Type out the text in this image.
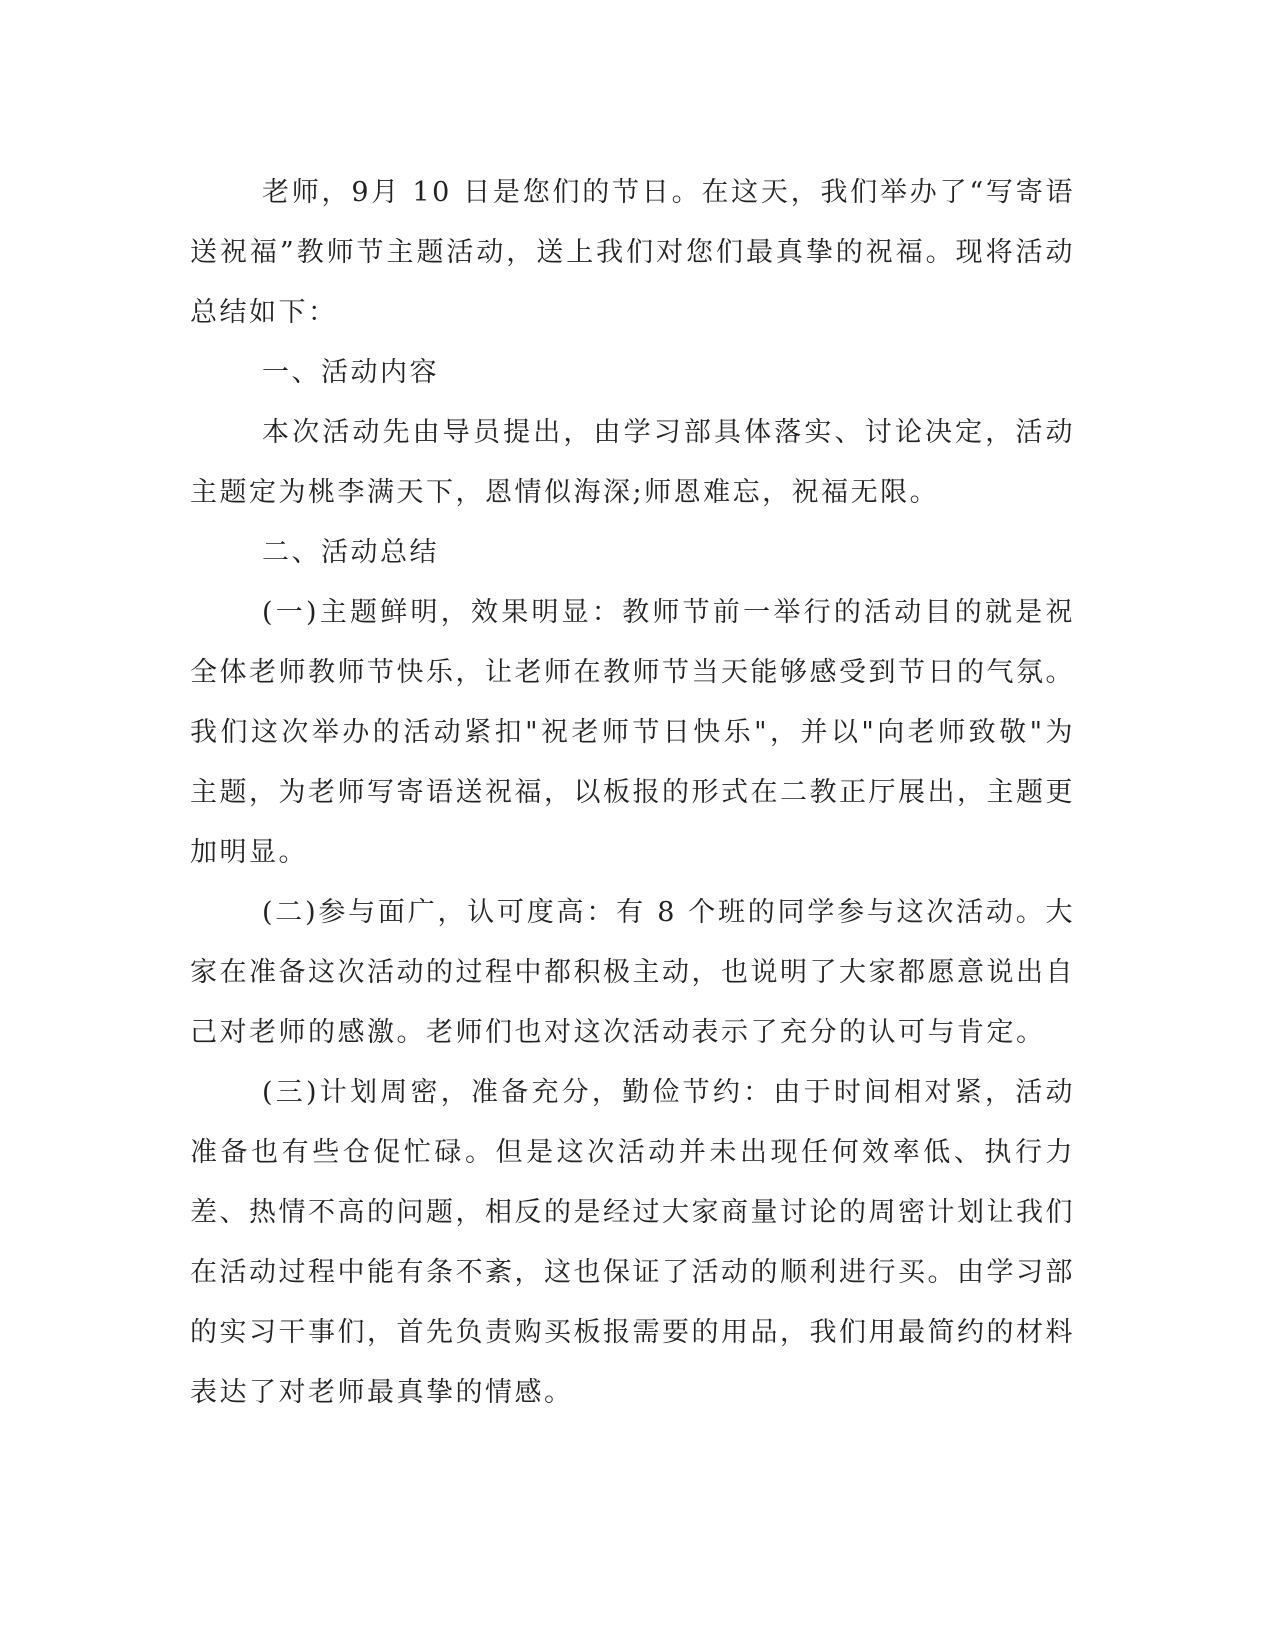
老师，9月 10 日是您们的节日。在这天，我们举办了“写寄语送祝福”教师节主题活动，送上我们对您们最真挚的祝福。现将活动总结如下：

一、活动内容

本次活动先由导员提出，由学习部具体落实、讨论决定，活动主题定为桃李满天下，恩情似海深;师恩难忘，祝福无限。

二、活动总结

(一)主题鲜明，效果明显：教师节前一举行的活动目的就是祝全体老师教师节快乐，让老师在教师节当天能够感受到节日的气氛。我们这次举办的活动紧扣"祝老师节日快乐"，并以"向老师致敬"为主题，为老师写寄语送祝福，以板报的形式在二教正厅展出，主题更加明显。

(二)参与面广，认可度高：有 8 个班的同学参与这次活动。大家在准备这次活动的过程中都积极主动，也说明了大家都愿意说出自己对老师的感激。老师们也对这次活动表示了充分的认可与肯定。

(三)计划周密，准备充分，勤俭节约：由于时间相对紧，活动准备也有些仓促忙碌。但是这次活动并未出现任何效率低、执行力差、热情不高的问题，相反的是经过大家商量讨论的周密计划让我们在活动过程中能有条不紊，这也保证了活动的顺利进行买。由学习部的实习干事们，首先负责购买板报需要的用品，我们用最简约的材料表达了对老师最真挚的情感。
